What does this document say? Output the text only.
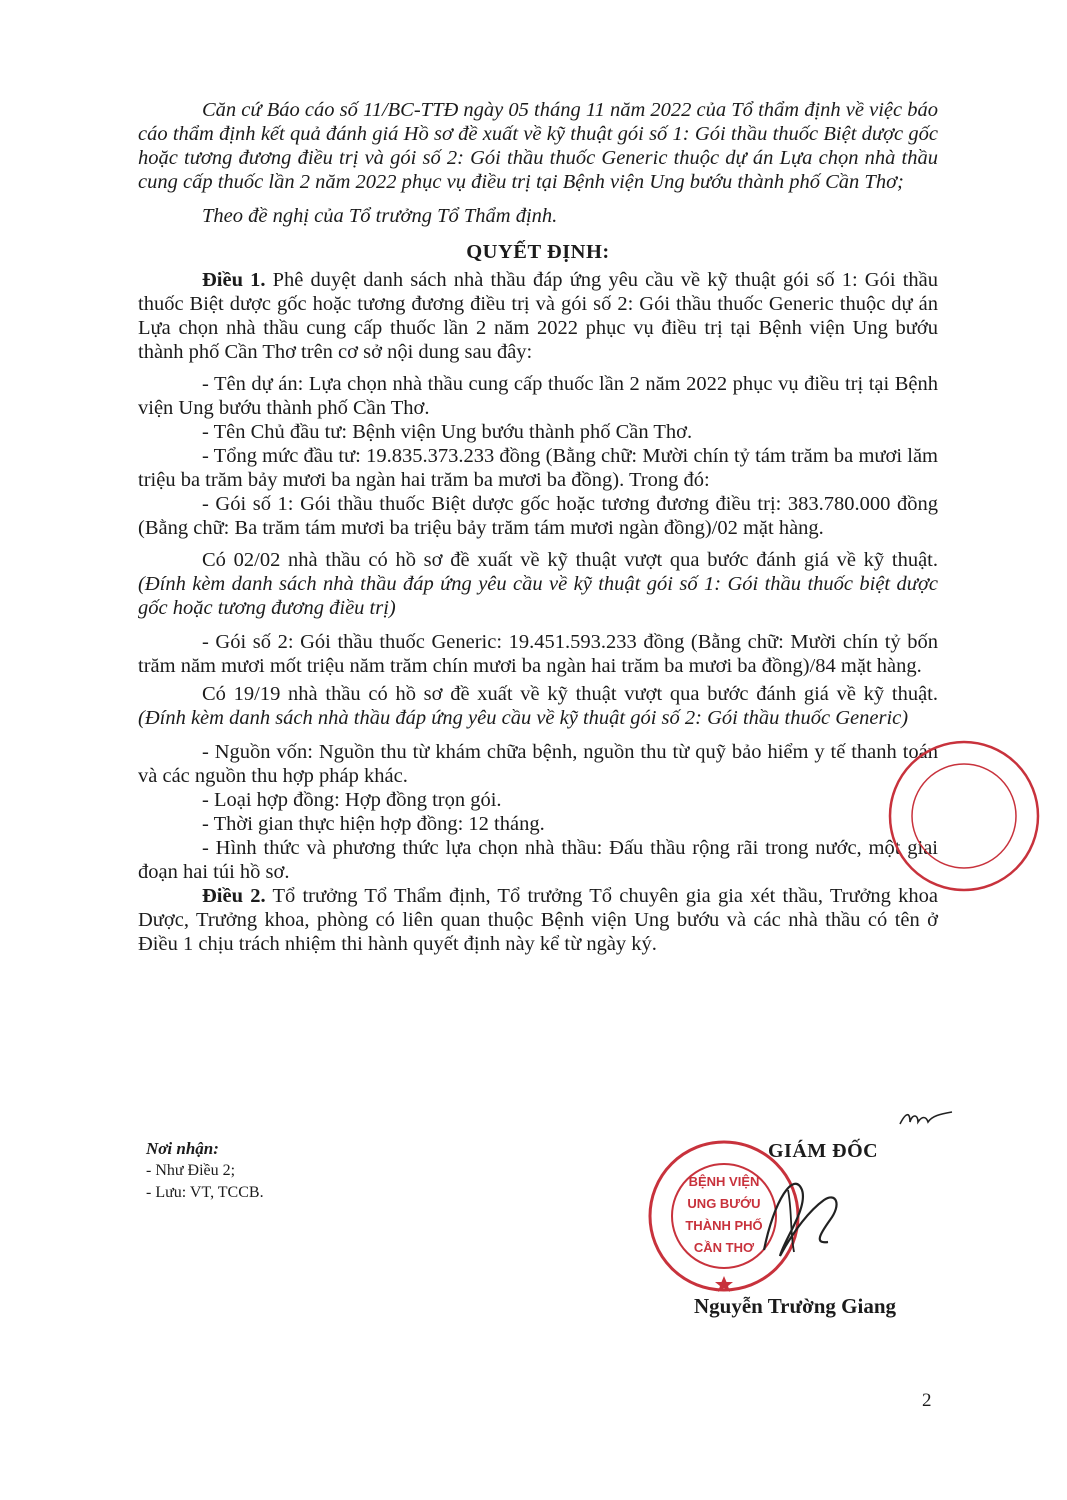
Căn cứ Báo cáo số 11/BC-TTĐ ngày 05 tháng 11 năm 2022 của Tổ thẩm định về việc báo cáo thẩm định kết quả đánh giá Hồ sơ đề xuất về kỹ thuật gói số 1: Gói thầu thuốc Biệt dược gốc hoặc tương đương điều trị và gói số 2: Gói thầu thuốc Generic thuộc dự án Lựa chọn nhà thầu cung cấp thuốc lần 2 năm 2022 phục vụ điều trị tại Bệnh viện Ung bướu thành phố Cần Thơ;

Theo đề nghị của Tổ trưởng Tổ Thẩm định.

QUYẾT ĐỊNH:

Điều 1. Phê duyệt danh sách nhà thầu đáp ứng yêu cầu về kỹ thuật gói số 1: Gói thầu thuốc Biệt dược gốc hoặc tương đương điều trị và gói số 2: Gói thầu thuốc Generic thuộc dự án Lựa chọn nhà thầu cung cấp thuốc lần 2 năm 2022 phục vụ điều trị tại Bệnh viện Ung bướu thành phố Cần Thơ trên cơ sở nội dung sau đây:

- Tên dự án: Lựa chọn nhà thầu cung cấp thuốc lần 2 năm 2022 phục vụ điều trị tại Bệnh viện Ung bướu thành phố Cần Thơ.

- Tên Chủ đầu tư: Bệnh viện Ung bướu thành phố Cần Thơ.

- Tổng mức đầu tư: 19.835.373.233 đồng (Bằng chữ: Mười chín tỷ tám trăm ba mươi lăm triệu ba trăm bảy mươi ba ngàn hai trăm ba mươi ba đồng). Trong đó:

- Gói số 1: Gói thầu thuốc Biệt dược gốc hoặc tương đương điều trị: 383.780.000 đồng (Bằng chữ: Ba trăm tám mươi ba triệu bảy trăm tám mươi ngàn đồng)/02 mặt hàng.

Có 02/02 nhà thầu có hồ sơ đề xuất về kỹ thuật vượt qua bước đánh giá về kỹ thuật. (Đính kèm danh sách nhà thầu đáp ứng yêu cầu về kỹ thuật gói số 1: Gói thầu thuốc biệt dược gốc hoặc tương đương điều trị)

- Gói số 2: Gói thầu thuốc Generic: 19.451.593.233 đồng (Bằng chữ: Mười chín tỷ bốn trăm năm mươi mốt triệu năm trăm chín mươi ba ngàn hai trăm ba mươi ba đồng)/84 mặt hàng.

Có 19/19 nhà thầu có hồ sơ đề xuất về kỹ thuật vượt qua bước đánh giá về kỹ thuật. (Đính kèm danh sách nhà thầu đáp ứng yêu cầu về kỹ thuật gói số 2: Gói thầu thuốc Generic)

- Nguồn vốn: Nguồn thu từ khám chữa bệnh, nguồn thu từ quỹ bảo hiểm y tế thanh toán và các nguồn thu hợp pháp khác.

- Loại hợp đồng: Hợp đồng trọn gói.

- Thời gian thực hiện hợp đồng: 12 tháng.

- Hình thức và phương thức lựa chọn nhà thầu: Đấu thầu rộng rãi trong nước, một giai đoạn hai túi hồ sơ.

Điều 2. Tổ trưởng Tổ Thẩm định, Tổ trưởng Tổ chuyên gia gia xét thầu, Trưởng khoa Dược, Trưởng khoa, phòng có liên quan thuộc Bệnh viện Ung bướu và các nhà thầu có tên ở Điều 1 chịu trách nhiệm thi hành quyết định này kể từ ngày ký.

Nơi nhận:
- Như Điều 2;
- Lưu: VT, TCCB.
GIÁM ĐỐC
BỆNH VIỆN
UNG BƯỚU
THÀNH PHỐ
CẦN THƠ
Nguyễn Trường Giang
2
